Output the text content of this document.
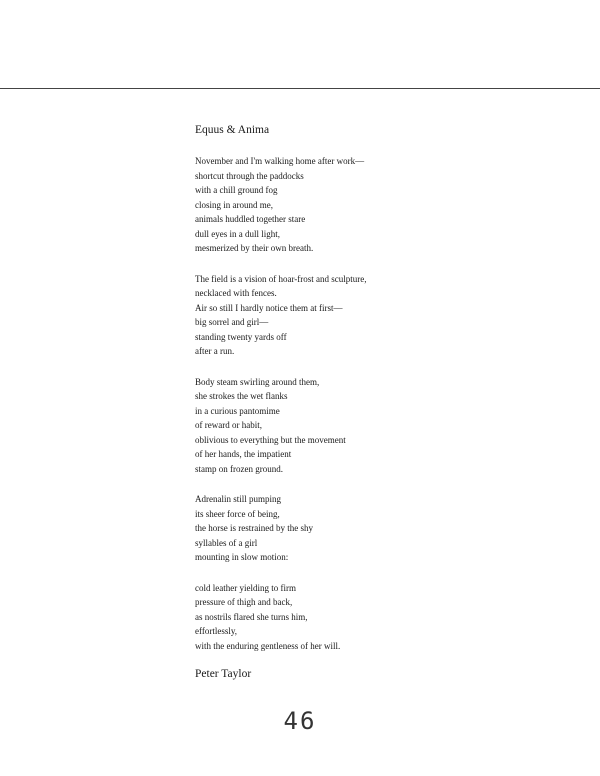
Equus & Anima

November and I'm walking home after work—
shortcut through the paddocks
with a chill ground fog
closing in around me,
animals huddled together stare
dull eyes in a dull light,
mesmerized by their own breath.

The field is a vision of hoar-frost and sculpture,
necklaced with fences.
Air so still I hardly notice them at first—
big sorrel and girl—
standing twenty yards off
after a run.

Body steam swirling around them,
she strokes the wet flanks
in a curious pantomime
of reward or habit,
oblivious to everything but the movement
of her hands, the impatient
stamp on frozen ground.

Adrenalin still pumping
its sheer force of being,
the horse is restrained by the shy
syllables of a girl
mounting in slow motion:

cold leather yielding to firm
pressure of thigh and back,
as nostrils flared she turns him,
effortlessly,
with the enduring gentleness of her will.

Peter Taylor
46
